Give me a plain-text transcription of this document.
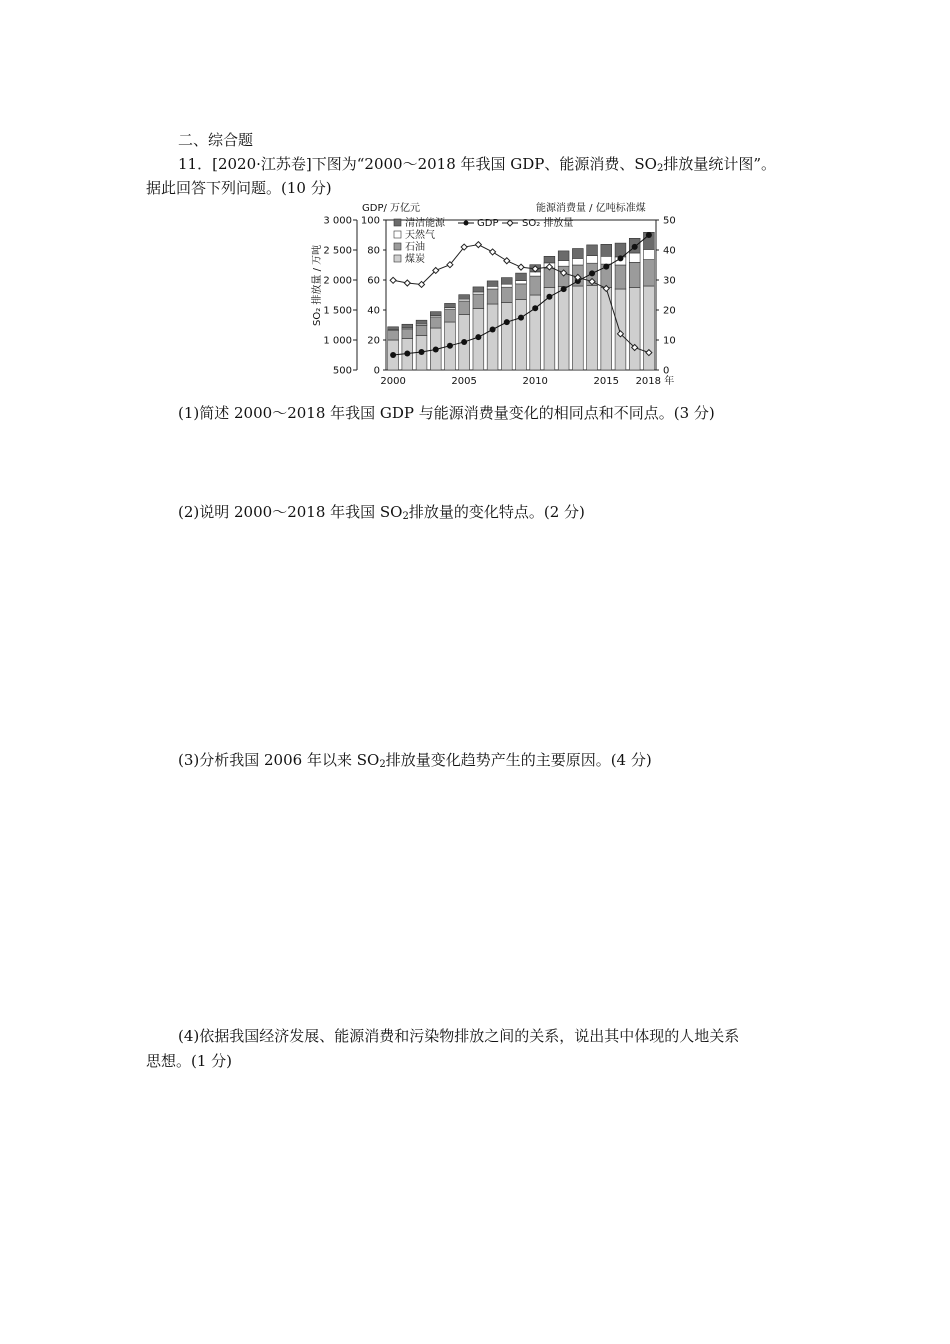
二、综合题
11．[2020·江苏卷]下图为“2000～2018 年我国 GDP、能源消费、$SO_2$排放量统计图”。
据此回答下列问题。(10 分)
0
500
20
1 000
40
1 500
60
2 000
80
2 500
100
3 000
0
10
20
30
40
50
2000	2005	2010	2015 2018 年
GDP/ 万亿元	能源消费量 / 亿吨标准煤
SO₂ 排放量 / 万吨
清洁能源
天然气
石油
煤炭
GDP SO₂ 排放量
(1)简述 2000～2018 年我国 GDP 与能源消费量变化的相同点和不同点。(3 分)
(2)说明 2000～2018 年我国 $SO_2$排放量的变化特点。(2 分)
(3)分析我国 2006 年以来 $SO_2$排放量变化趋势产生的主要原因。(4 分)
(4)依据我国经济发展、能源消费和污染物排放之间的关系，说出其中体现的人地关系
思想。(1 分)
